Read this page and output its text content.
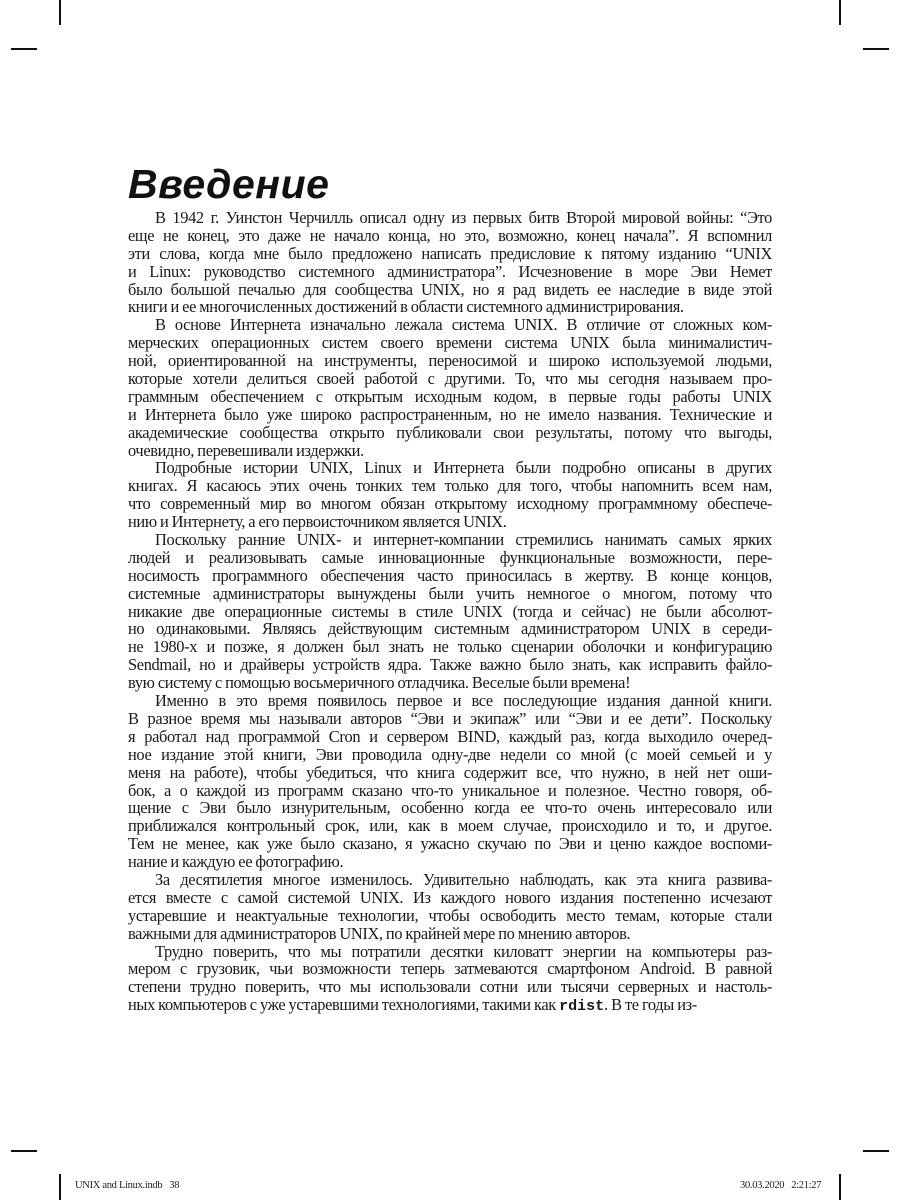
Введение
В 1942 г. Уинстон Черчилль описал одну из первых битв Второй мировой войны: “Это
еще не конец, это даже не начало конца, но это, возможно, конец начала”. Я вспомнил
эти слова, когда мне было предложено написать предисловие к пятому изданию “UNIX
и Linux: руководство системного администратора”. Исчезновение в море Эви Немет
было большой печалью для сообщества UNIX, но я рад видеть ее наследие в виде этой
книги и ее многочисленных достижений в области системного администрирования.
В основе Интернета изначально лежала система UNIX. В отличие от сложных ком-
мерческих операционных систем своего времени система UNIX была минималистич-
ной, ориентированной на инструменты, переносимой и широко используемой людьми,
которые хотели делиться своей работой с другими. То, что мы сегодня называем про-
граммным обеспечением с открытым исходным кодом, в первые годы работы UNIX
и Интернета было уже широко распространенным, но не имело названия. Технические и
академические сообщества открыто публиковали свои результаты, потому что выгоды,
очевидно, перевешивали издержки.
Подробные истории UNIX, Linux и Интернета были подробно описаны в других
книгах. Я касаюсь этих очень тонких тем только для того, чтобы напомнить всем нам,
что современный мир во многом обязан открытому исходному программному обеспече-
нию и Интернету, а его первоисточником является UNIX.
Поскольку ранние UNIX- и интернет-компании стремились нанимать самых ярких
людей и реализовывать самые инновационные функциональные возможности, пере-
носимость программного обеспечения часто приносилась в жертву. В конце концов,
системные администраторы вынуждены были учить немногое о многом, потому что
никакие две операционные системы в стиле UNIX (тогда и сейчас) не были абсолют-
но одинаковыми. Являясь действующим системным администратором UNIX в середи-
не 1980-х и позже, я должен был знать не только сценарии оболочки и конфигурацию
Sendmail, но и драйверы устройств ядра. Также важно было знать, как исправить файло-
вую систему с помощью восьмеричного отладчика. Веселые были времена!
Именно в это время появилось первое и все последующие издания данной книги.
В разное время мы называли авторов “Эви и экипаж” или “Эви и ее дети”. Поскольку
я работал над программой Cron и сервером BIND, каждый раз, когда выходило очеред-
ное издание этой книги, Эви проводила одну-две недели со мной (с моей семьей и у
меня на работе), чтобы убедиться, что книга содержит все, что нужно, в ней нет оши-
бок, а о каждой из программ сказано что-то уникальное и полезное. Честно говоря, об-
щение с Эви было изнурительным, особенно когда ее что-то очень интересовало или
приближался контрольный срок, или, как в моем случае, происходило и то, и другое.
Тем не менее, как уже было сказано, я ужасно скучаю по Эви и ценю каждое воспоми-
нание и каждую ее фотографию.
За десятилетия многое изменилось. Удивительно наблюдать, как эта книга развива-
ется вместе с самой системой UNIX. Из каждого нового издания постепенно исчезают
устаревшие и неактуальные технологии, чтобы освободить место темам, которые стали
важными для администраторов UNIX, по крайней мере по мнению авторов.
Трудно поверить, что мы потратили десятки киловатт энергии на компьютеры раз-
мером с грузовик, чьи возможности теперь затмеваются смартфоном Android. В равной
степени трудно поверить, что мы использовали сотни или тысячи серверных и настоль-
ных компьютеров с уже устаревшими технологиями, такими как rdist. В те годы из-
UNIX and Linux.indb   38	30.03.2020   2:21:27
